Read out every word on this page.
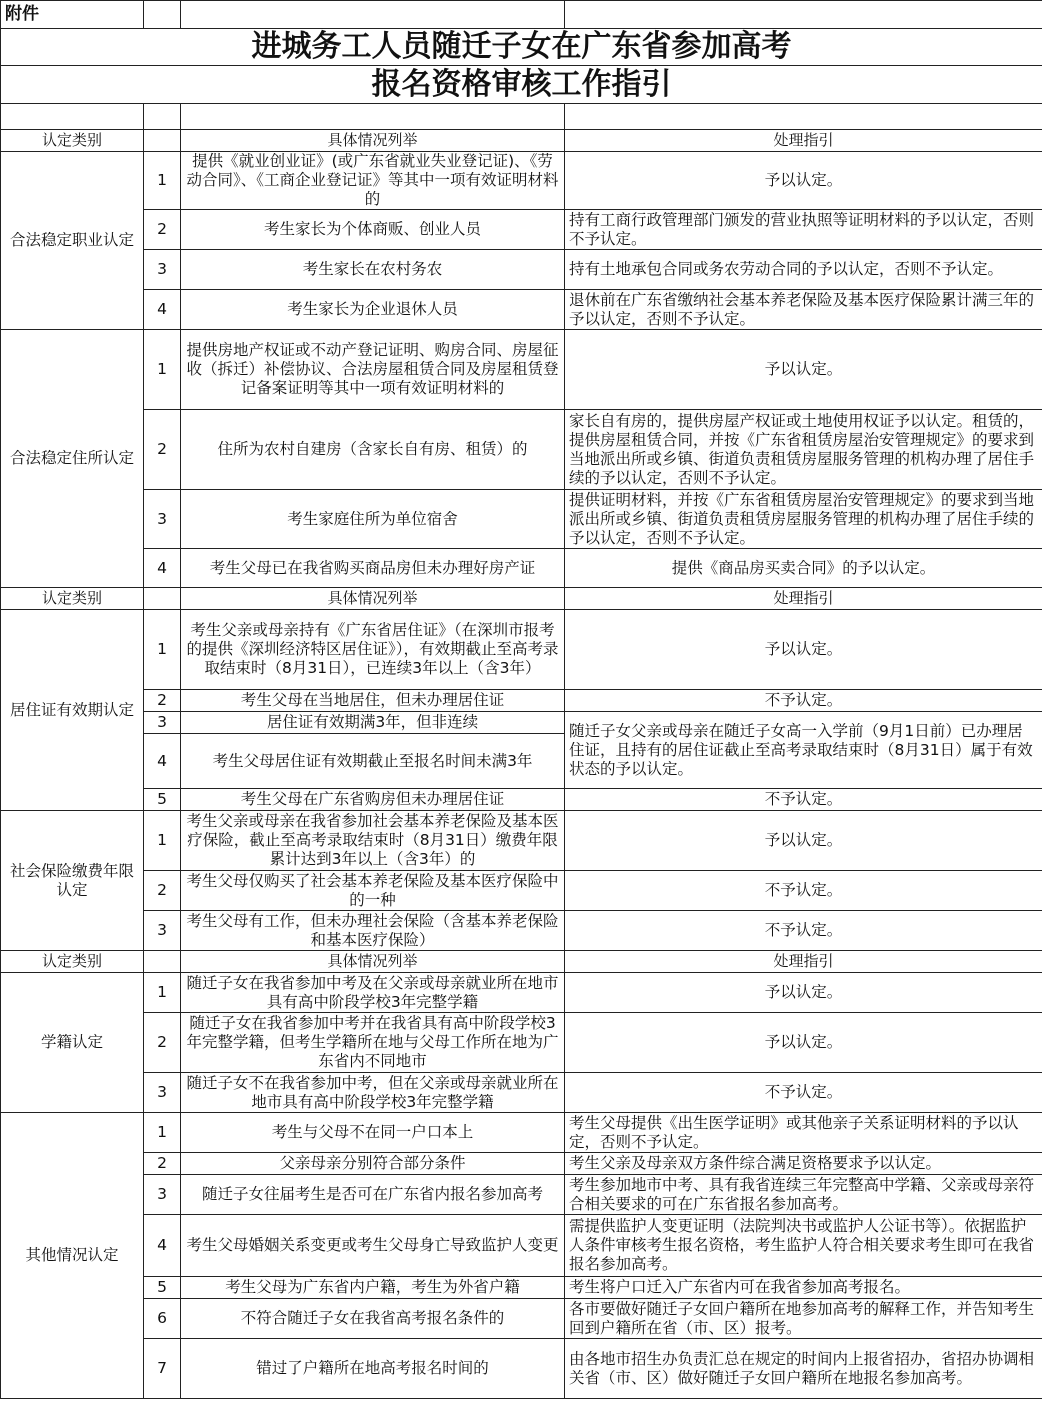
附件			
进城务工人员随迁子女在广东省参加高考			
报名资格审核工作指引			

认定类别		具体情况列举	处理指引
合法稳定职业认定	1	提供《就业创业证》(或广东省就业失业登记证)、《劳动合同》、《工商企业登记证》等其中一项有效证明材料的	予以认定。
	2	考生家长为个体商贩、创业人员	持有工商行政管理部门颁发的营业执照等证明材料的予以认定，否则不予认定。
	3	考生家长在农村务农	持有土地承包合同或务农劳动合同的予以认定，否则不予认定。
	4	考生家长为企业退休人员	退休前在广东省缴纳社会基本养老保险及基本医疗保险累计满三年的予以认定，否则不予认定。
合法稳定住所认定	1	提供房地产权证或不动产登记证明、购房合同、房屋征收（拆迁）补偿协议、合法房屋租赁合同及房屋租赁登记备案证明等其中一项有效证明材料的	予以认定。
	2	住所为农村自建房（含家长自有房、租赁）的	家长自有房的，提供房屋产权证或土地使用权证予以认定。租赁的，提供房屋租赁合同，并按《广东省租赁房屋治安管理规定》的要求到当地派出所或乡镇、街道负责租赁房屋服务管理的机构办理了居住手续的予以认定，否则不予认定。
	3	考生家庭住所为单位宿舍	提供证明材料，并按《广东省租赁房屋治安管理规定》的要求到当地派出所或乡镇、街道负责租赁房屋服务管理的机构办理了居住手续的予以认定，否则不予认定。
	4	考生父母已在我省购买商品房但未办理好房产证	提供《商品房买卖合同》的予以认定。
认定类别		具体情况列举	处理指引
居住证有效期认定	1	考生父亲或母亲持有《广东省居住证》（在深圳市报考的提供《深圳经济特区居住证》），有效期截止至高考录取结束时（8月31日），已连续3年以上（含3年）	予以认定。
	2	考生父母在当地居住，但未办理居住证	不予认定。
	3	居住证有效期满3年，但非连续	随迁子女父亲或母亲在随迁子女高一入学前（9月1日前）已办理居住证，且持有的居住证截止至高考录取结束时（8月31日）属于有效状态的予以认定。
	4	考生父母居住证有效期截止至报名时间未满3年	
	5	考生父母在广东省购房但未办理居住证	不予认定。
社会保险缴费年限认定	1	考生父亲或母亲在我省参加社会基本养老保险及基本医疗保险，截止至高考录取结束时（8月31日）缴费年限累计达到3年以上（含3年）的	予以认定。
	2	考生父母仅购买了社会基本养老保险及基本医疗保险中的一种	不予认定。
	3	考生父母有工作，但未办理社会保险（含基本养老保险和基本医疗保险）	不予认定。
认定类别		具体情况列举	处理指引
学籍认定	1	随迁子女在我省参加中考及在父亲或母亲就业所在地市具有高中阶段学校3年完整学籍	予以认定。
	2	随迁子女在我省参加中考并在我省具有高中阶段学校3年完整学籍，但考生学籍所在地与父母工作所在地为广东省内不同地市	予以认定。
	3	随迁子女不在我省参加中考，但在父亲或母亲就业所在地市具有高中阶段学校3年完整学籍	不予认定。
其他情况认定	1	考生与父母不在同一户口本上	考生父母提供《出生医学证明》或其他亲子关系证明材料的予以认定，否则不予认定。
	2	父亲母亲分别符合部分条件	考生父亲及母亲双方条件综合满足资格要求予以认定。
	3	随迁子女往届考生是否可在广东省内报名参加高考	考生参加地市中考、具有我省连续三年完整高中学籍、父亲或母亲符合相关要求的可在广东省报名参加高考。
	4	考生父母婚姻关系变更或考生父母身亡导致监护人变更	需提供监护人变更证明（法院判决书或监护人公证书等）。依据监护人条件审核考生报名资格，考生监护人符合相关要求考生即可在我省报名参加高考。
	5	考生父母为广东省内户籍，考生为外省户籍	考生将户口迁入广东省内可在我省参加高考报名。
	6	不符合随迁子女在我省高考报名条件的	各市要做好随迁子女回户籍所在地参加高考的解释工作，并告知考生回到户籍所在省（市、区）报考。
	7	错过了户籍所在地高考报名时间的	由各地市招生办负责汇总在规定的时间内上报省招办，省招办协调相关省（市、区）做好随迁子女回户籍所在地报名参加高考。
